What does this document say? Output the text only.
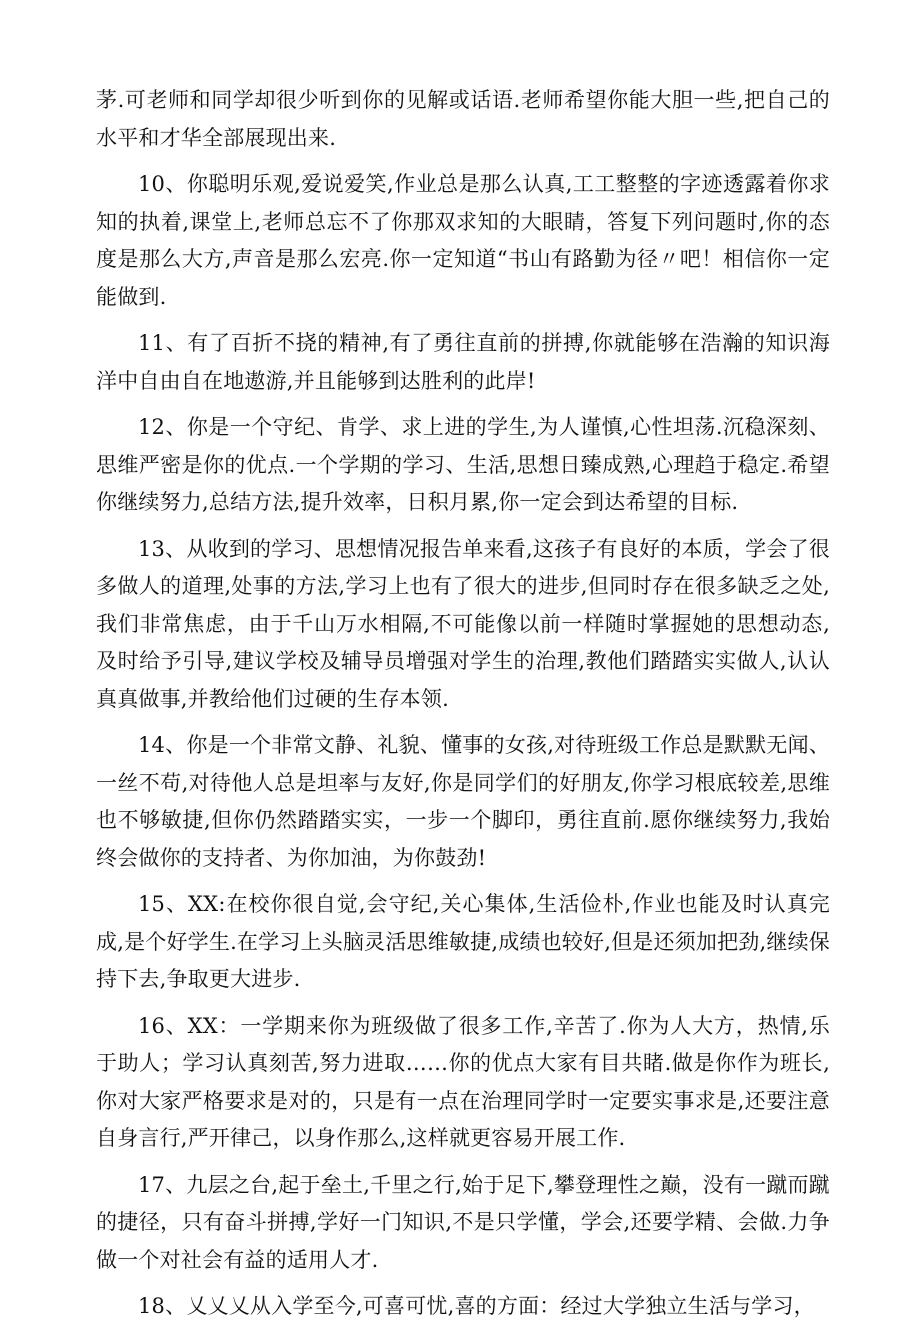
茅.可老师和同学却很少听到你的见解或话语.老师希望你能大胆一些,把自己的水平和才华全部展现出来.

10、你聪明乐观,爱说爱笑,作业总是那么认真,工工整整的字迹透露着你求知的执着,课堂上,老师总忘不了你那双求知的大眼睛，答复下列问题时,你的态度是那么大方,声音是那么宏亮.你一定知道“书山有路勤为径〃吧！相信你一定能做到.

11、有了百折不挠的精神,有了勇往直前的拼搏,你就能够在浩瀚的知识海洋中自由自在地遨游,并且能够到达胜利的此岸!

12、你是一个守纪、肯学、求上进的学生,为人谨慎,心性坦荡.沉稳深刻、思维严密是你的优点.一个学期的学习、生活,思想日臻成熟,心理趋于稳定.希望你继续努力,总结方法,提升效率，日积月累,你一定会到达希望的目标.

13、从收到的学习、思想情况报告单来看,这孩子有良好的本质，学会了很多做人的道理,处事的方法,学习上也有了很大的进步,但同时存在很多缺乏之处,我们非常焦虑，由于千山万水相隔,不可能像以前一样随时掌握她的思想动态,及时给予引导,建议学校及辅导员增强对学生的治理,教他们踏踏实实做人,认认真真做事,并教给他们过硬的生存本领.

14、你是一个非常文静、礼貌、懂事的女孩,对待班级工作总是默默无闻、一丝不苟,对待他人总是坦率与友好,你是同学们的好朋友,你学习根底较差,思维也不够敏捷,但你仍然踏踏实实，一步一个脚印，勇往直前.愿你继续努力,我始终会做你的支持者、为你加油，为你鼓劲!

15、XX:在校你很自觉,会守纪,关心集体,生活俭朴,作业也能及时认真完成,是个好学生.在学习上头脑灵活思维敏捷,成绩也较好,但是还须加把劲,继续保持下去,争取更大进步.

16、XX：一学期来你为班级做了很多工作,辛苦了.你为人大方，热情,乐于助人；学习认真刻苦,努力进取……你的优点大家有目共睹.做是你作为班长,你对大家严格要求是对的，只是有一点在治理同学时一定要实事求是,还要注意自身言行,严开律己，以身作那么,这样就更容易开展工作.

17、九层之台,起于垒土,千里之行,始于足下,攀登理性之巅，没有一蹴而蹴的捷径，只有奋斗拼搏,学好一门知识,不是只学懂，学会,还要学精、会做.力争做一个对社会有益的适用人才.

18、乂乂乂从入学至今,可喜可忧,喜的方面：经过大学独立生活与学习，
